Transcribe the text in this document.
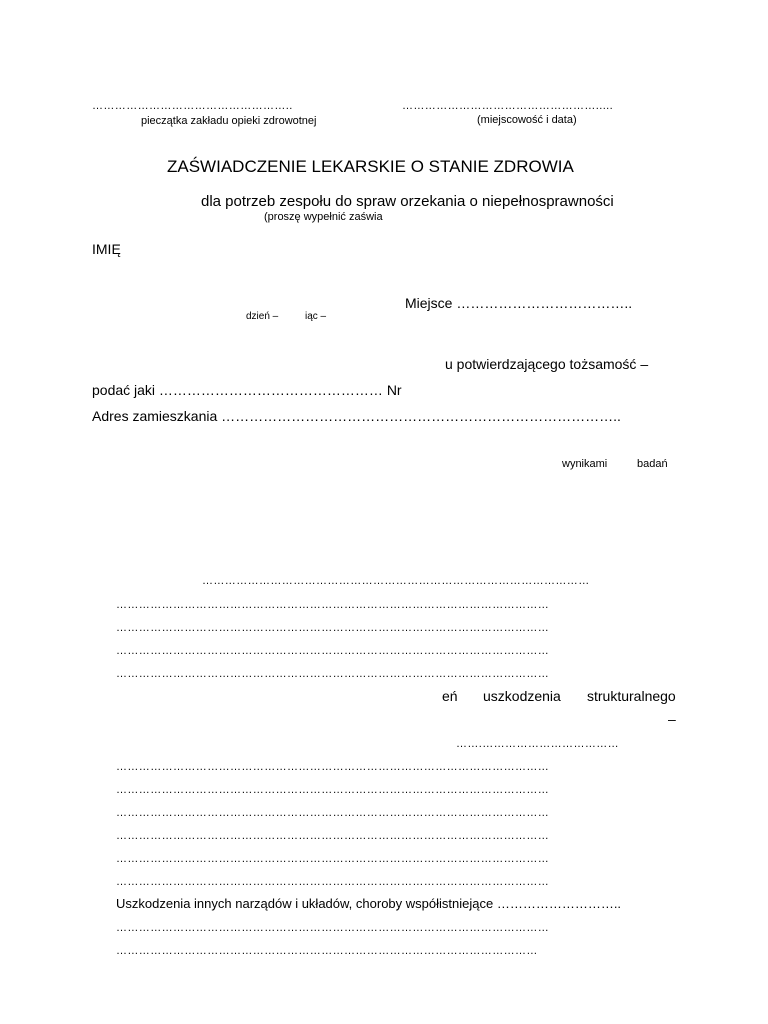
……………………………………………..
pieczątka zakładu opieki zdrowotnej
…………………………………………….....
(miejscowość i data)
ZAŚWIADCZENIE LEKARSKIE O STANIE ZDROWIA
dla potrzeb zespołu do spraw orzekania o niepełnosprawności
(proszę wypełnić zaświa
IMIĘ
Miejsce ………………………………..
dzień –	iąc –
u potwierdzającego tożsamość –
podać jaki ………………………………………… Nr
Adres zamieszkania …………………………………………………………………………..
wynikami	badań
…………………………………………………………………………………………
……………………………………………………………………………………………………
……………………………………………………………………………………………………
……………………………………………………………………………………………………
……………………………………………………………………………………………………
eń uszkodzenia strukturalnego
–
…….………………………………
……………………………………………………………………………………………………
……………………………………………………………………………………………………
……………………………………………………………………………………………………
……………………………………………………………………………………………………
……………………………………………………………………………………………………
……………………………………………………………………………………………………
Uszkodzenia innych narządów i układów, choroby współistniejące ………………………..
……………………………………………………………………………………………………
…………………………………………………………………………………………………
